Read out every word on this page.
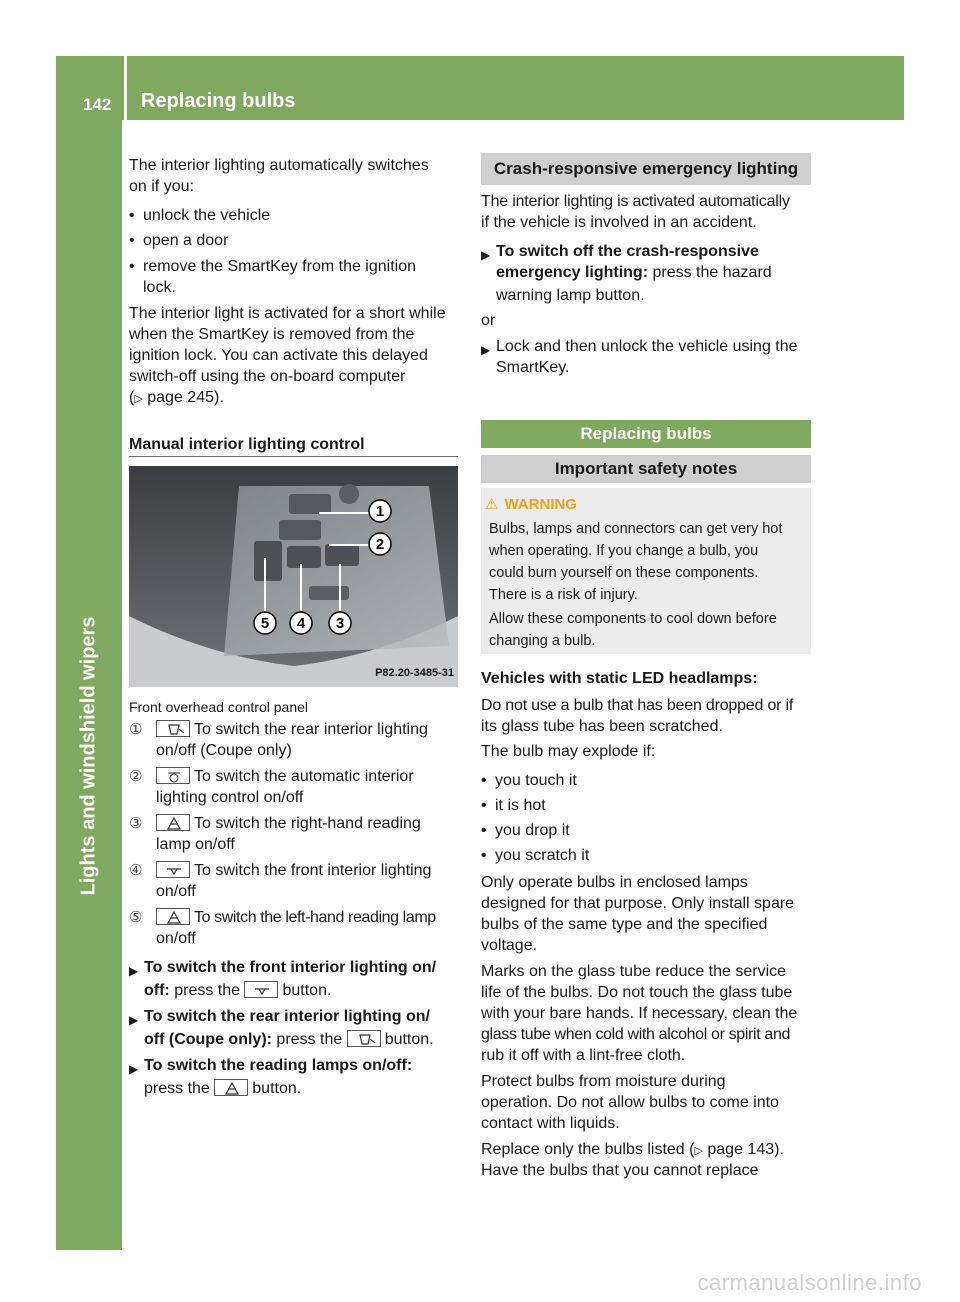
142 Replacing bulbs
Lights and windshield wipers
The interior lighting automatically switches
on if you:
• unlock the vehicle
• open a door
• remove the SmartKey from the ignition
lock.
The interior light is activated for a short while
when the SmartKey is removed from the
ignition lock. You can activate this delayed
switch-off using the on-board computer
(▷ page 245).
Manual interior lighting control
1
2
3
4
5
P82.20-3485-31
Front overhead control panel
①	To switch the rear interior lighting
on/off (Coupe only)
②	To switch the automatic interior
lighting control on/off
③	To switch the right-hand reading
lamp on/off
④	To switch the front interior lighting
on/off
⑤	To switch the left-hand reading lamp
on/off
▶ To switch the front interior lighting on/
off: press the	button.
▶ To switch the rear interior lighting on/
off (Coupe only): press the	button.
▶ To switch the reading lamps on/off:
press the	button.
Crash-responsive emergency lighting
The interior lighting is activated automatically
if the vehicle is involved in an accident.
▶ To switch off the crash-responsive
emergency lighting: press the hazard
warning lamp button.
or
▶ Lock and then unlock the vehicle using the
SmartKey.
Replacing bulbs
Important safety notes
⚠ WARNING
Bulbs, lamps and connectors can get very hot
when operating. If you change a bulb, you
could burn yourself on these components.
There is a risk of injury.
Allow these components to cool down before
changing a bulb.
Vehicles with static LED headlamps:
Do not use a bulb that has been dropped or if
its glass tube has been scratched.
The bulb may explode if:
• you touch it
• it is hot
• you drop it
• you scratch it
Only operate bulbs in enclosed lamps
designed for that purpose. Only install spare
bulbs of the same type and the specified
voltage.
Marks on the glass tube reduce the service
life of the bulbs. Do not touch the glass tube
with your bare hands. If necessary, clean the
glass tube when cold with alcohol or spirit and
rub it off with a lint-free cloth.
Protect bulbs from moisture during
operation. Do not allow bulbs to come into
contact with liquids.
Replace only the bulbs listed (▷ page 143).
Have the bulbs that you cannot replace
carmanualsonline.info
